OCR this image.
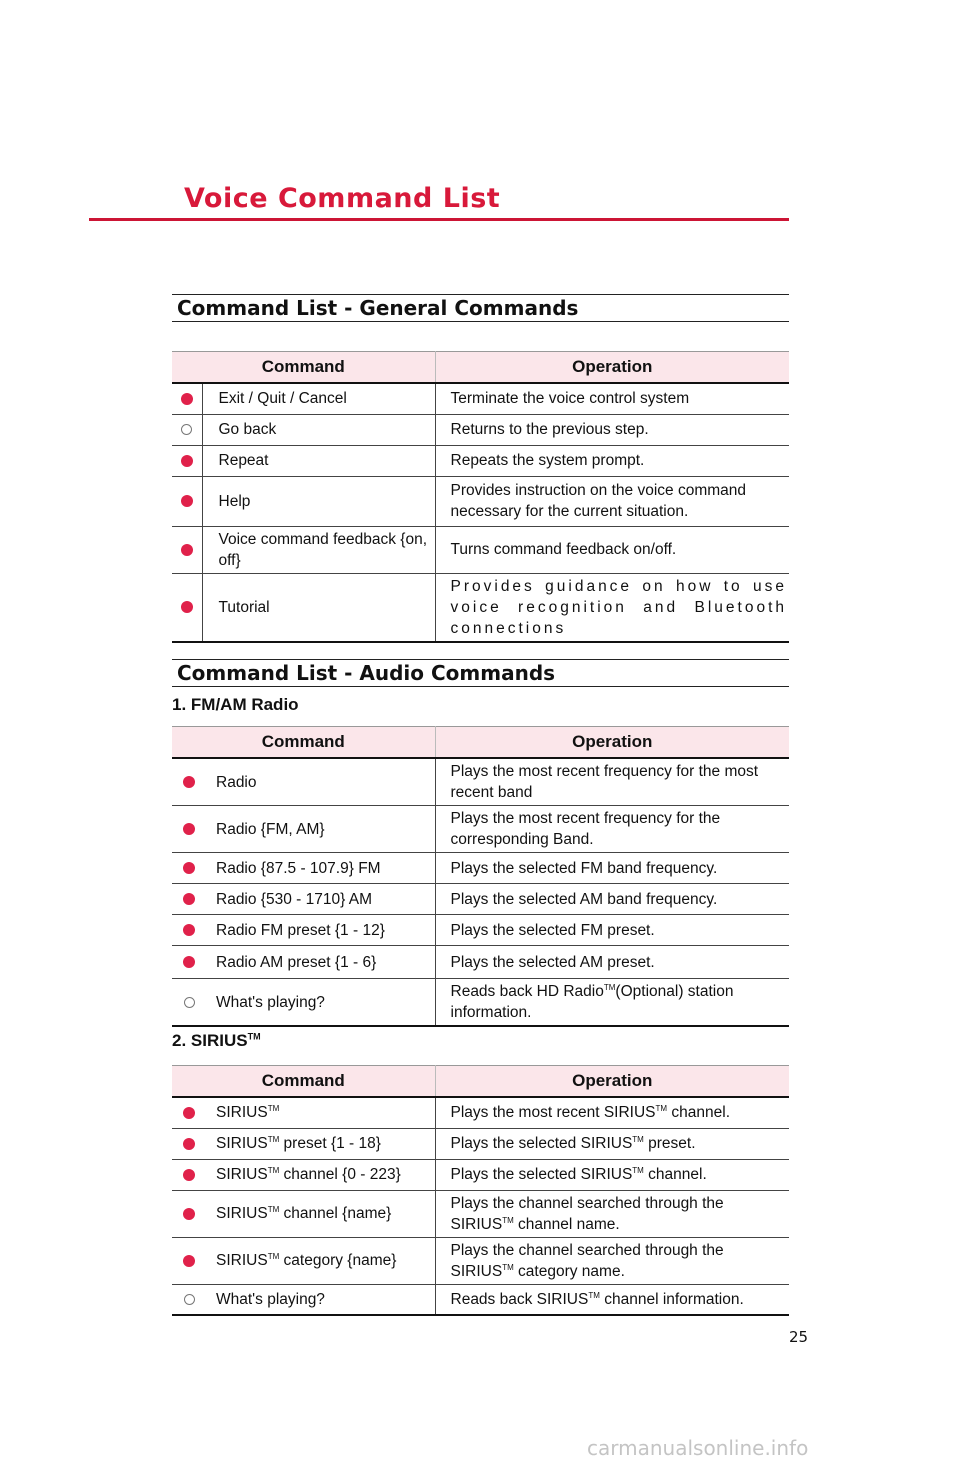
Voice Command List
Command List - General Commands
Command		Operation
	Exit / Quit / Cancel	Terminate the voice control system
	Go back	Returns to the previous step.
	Repeat	Repeats the system prompt.
	Help	Provides instruction on the voice command necessary for the current situation.
	Voice command feedback {on, off}	Turns command feedback on/off.
	Tutorial	Provides guidance on how to use voice recognition and Bluetooth connections
Command List - Audio Commands
1. FM/AM Radio
Command		Operation
	Radio	Plays the most recent frequency for the most recent band
	Radio {FM, AM}	Plays the most recent frequency for the corresponding Band.
	Radio {87.5 - 107.9} FM	Plays the selected FM band frequency.
	Radio {530 - 1710} AM	Plays the selected AM band frequency.
	Radio FM preset {1 - 12}	Plays the selected FM preset.
	Radio AM preset {1 - 6}	Plays the selected AM preset.
	What's playing?	Reads back HD Radio™(Optional) station information.
2. SIRIUS™
Command		Operation
	SIRIUS™	Plays the most recent SIRIUS™ channel.
	SIRIUS™ preset {1 - 18}	Plays the selected SIRIUS™ preset.
	SIRIUS™ channel {0 - 223}	Plays the selected SIRIUS™ channel.
	SIRIUS™ channel {name}	Plays the channel searched through the SIRIUS™ channel name.
	SIRIUS™ category {name}	Plays the channel searched through the SIRIUS™ category name.
	What's playing?	Reads back SIRIUS™ channel information.
25
carmanualsonline.info
